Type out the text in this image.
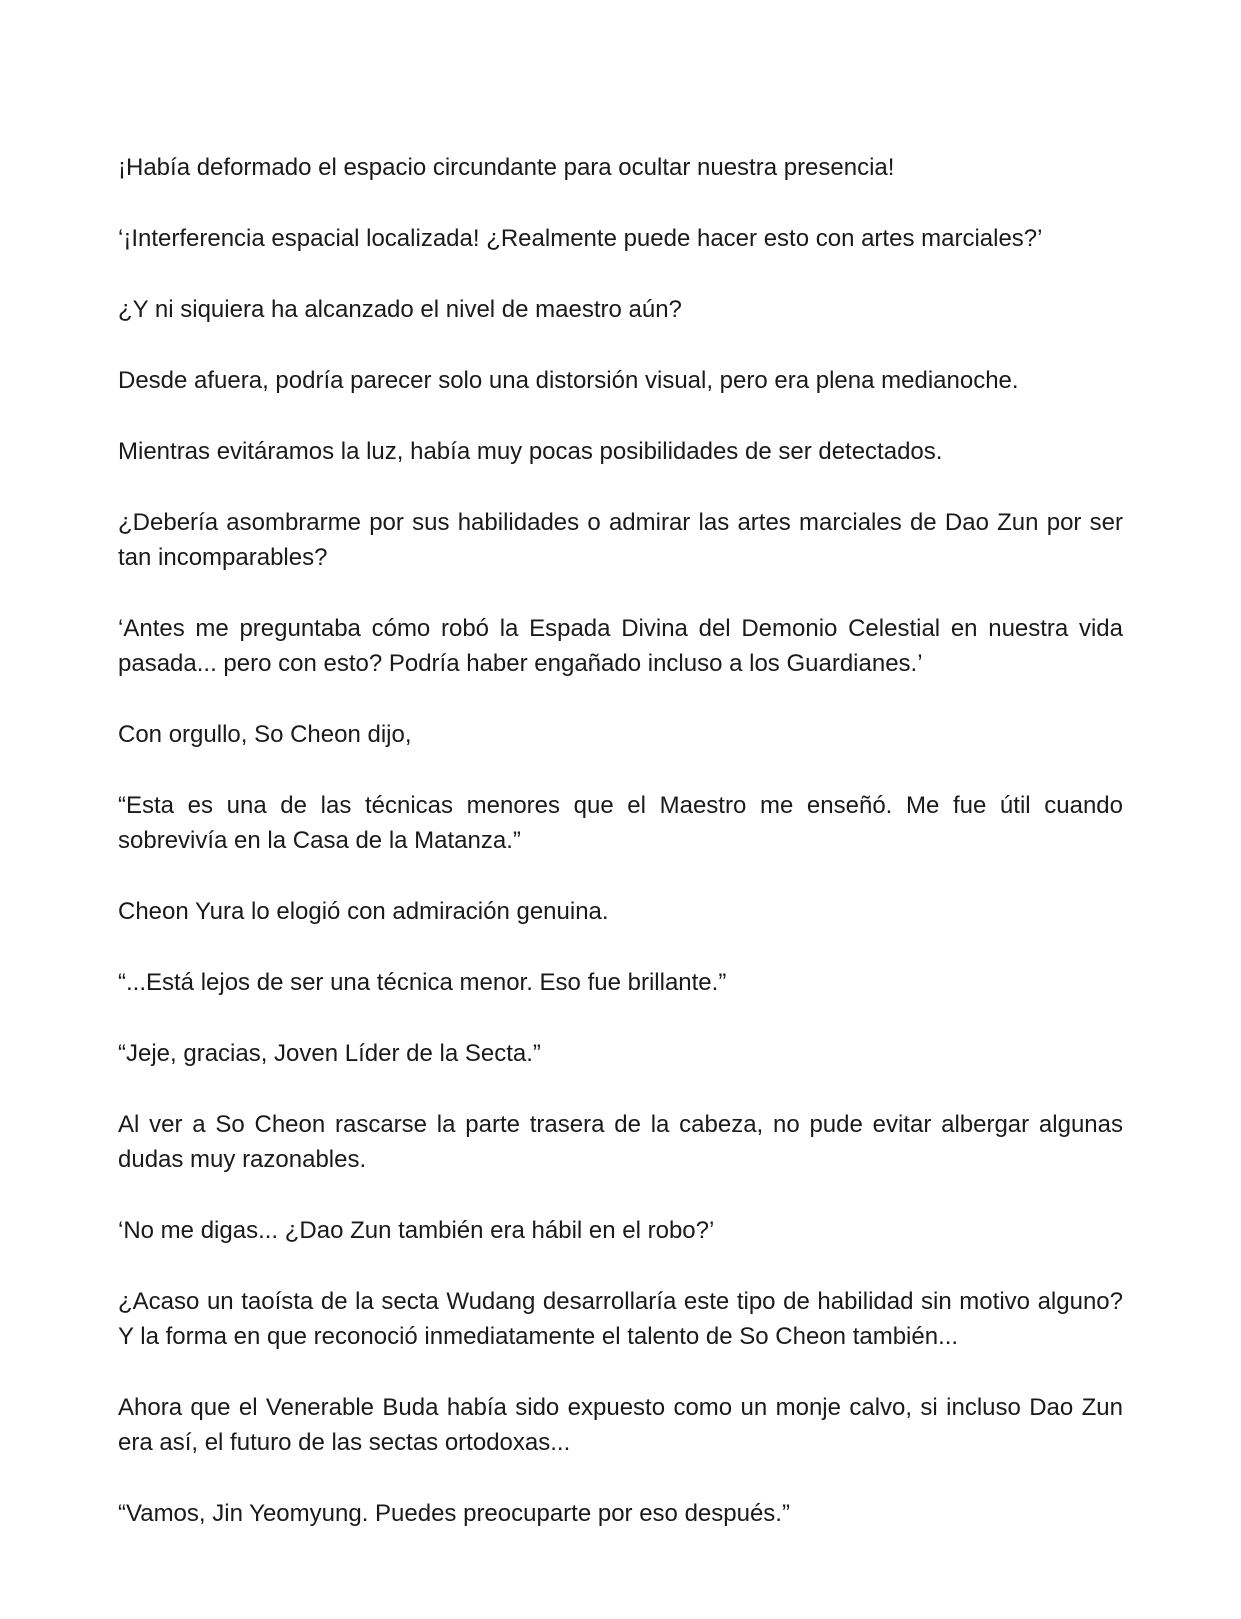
¡Había deformado el espacio circundante para ocultar nuestra presencia!

‘¡Interferencia espacial localizada! ¿Realmente puede hacer esto con artes marciales?’

¿Y ni siquiera ha alcanzado el nivel de maestro aún?

Desde afuera, podría parecer solo una distorsión visual, pero era plena medianoche.

Mientras evitáramos la luz, había muy pocas posibilidades de ser detectados.

¿Debería asombrarme por sus habilidades o admirar las artes marciales de Dao Zun por ser tan incomparables?

‘Antes me preguntaba cómo robó la Espada Divina del Demonio Celestial en nuestra vida pasada... pero con esto? Podría haber engañado incluso a los Guardianes.’

Con orgullo, So Cheon dijo,

“Esta es una de las técnicas menores que el Maestro me enseñó. Me fue útil cuando sobrevivía en la Casa de la Matanza.”

Cheon Yura lo elogió con admiración genuina.

“...Está lejos de ser una técnica menor. Eso fue brillante.”

“Jeje, gracias, Joven Líder de la Secta.”

Al ver a So Cheon rascarse la parte trasera de la cabeza, no pude evitar albergar algunas dudas muy razonables.

‘No me digas... ¿Dao Zun también era hábil en el robo?’

¿Acaso un taoísta de la secta Wudang desarrollaría este tipo de habilidad sin motivo alguno? Y la forma en que reconoció inmediatamente el talento de So Cheon también...

Ahora que el Venerable Buda había sido expuesto como un monje calvo, si incluso Dao Zun era así, el futuro de las sectas ortodoxas...

“Vamos, Jin Yeomyung. Puedes preocuparte por eso después.”
